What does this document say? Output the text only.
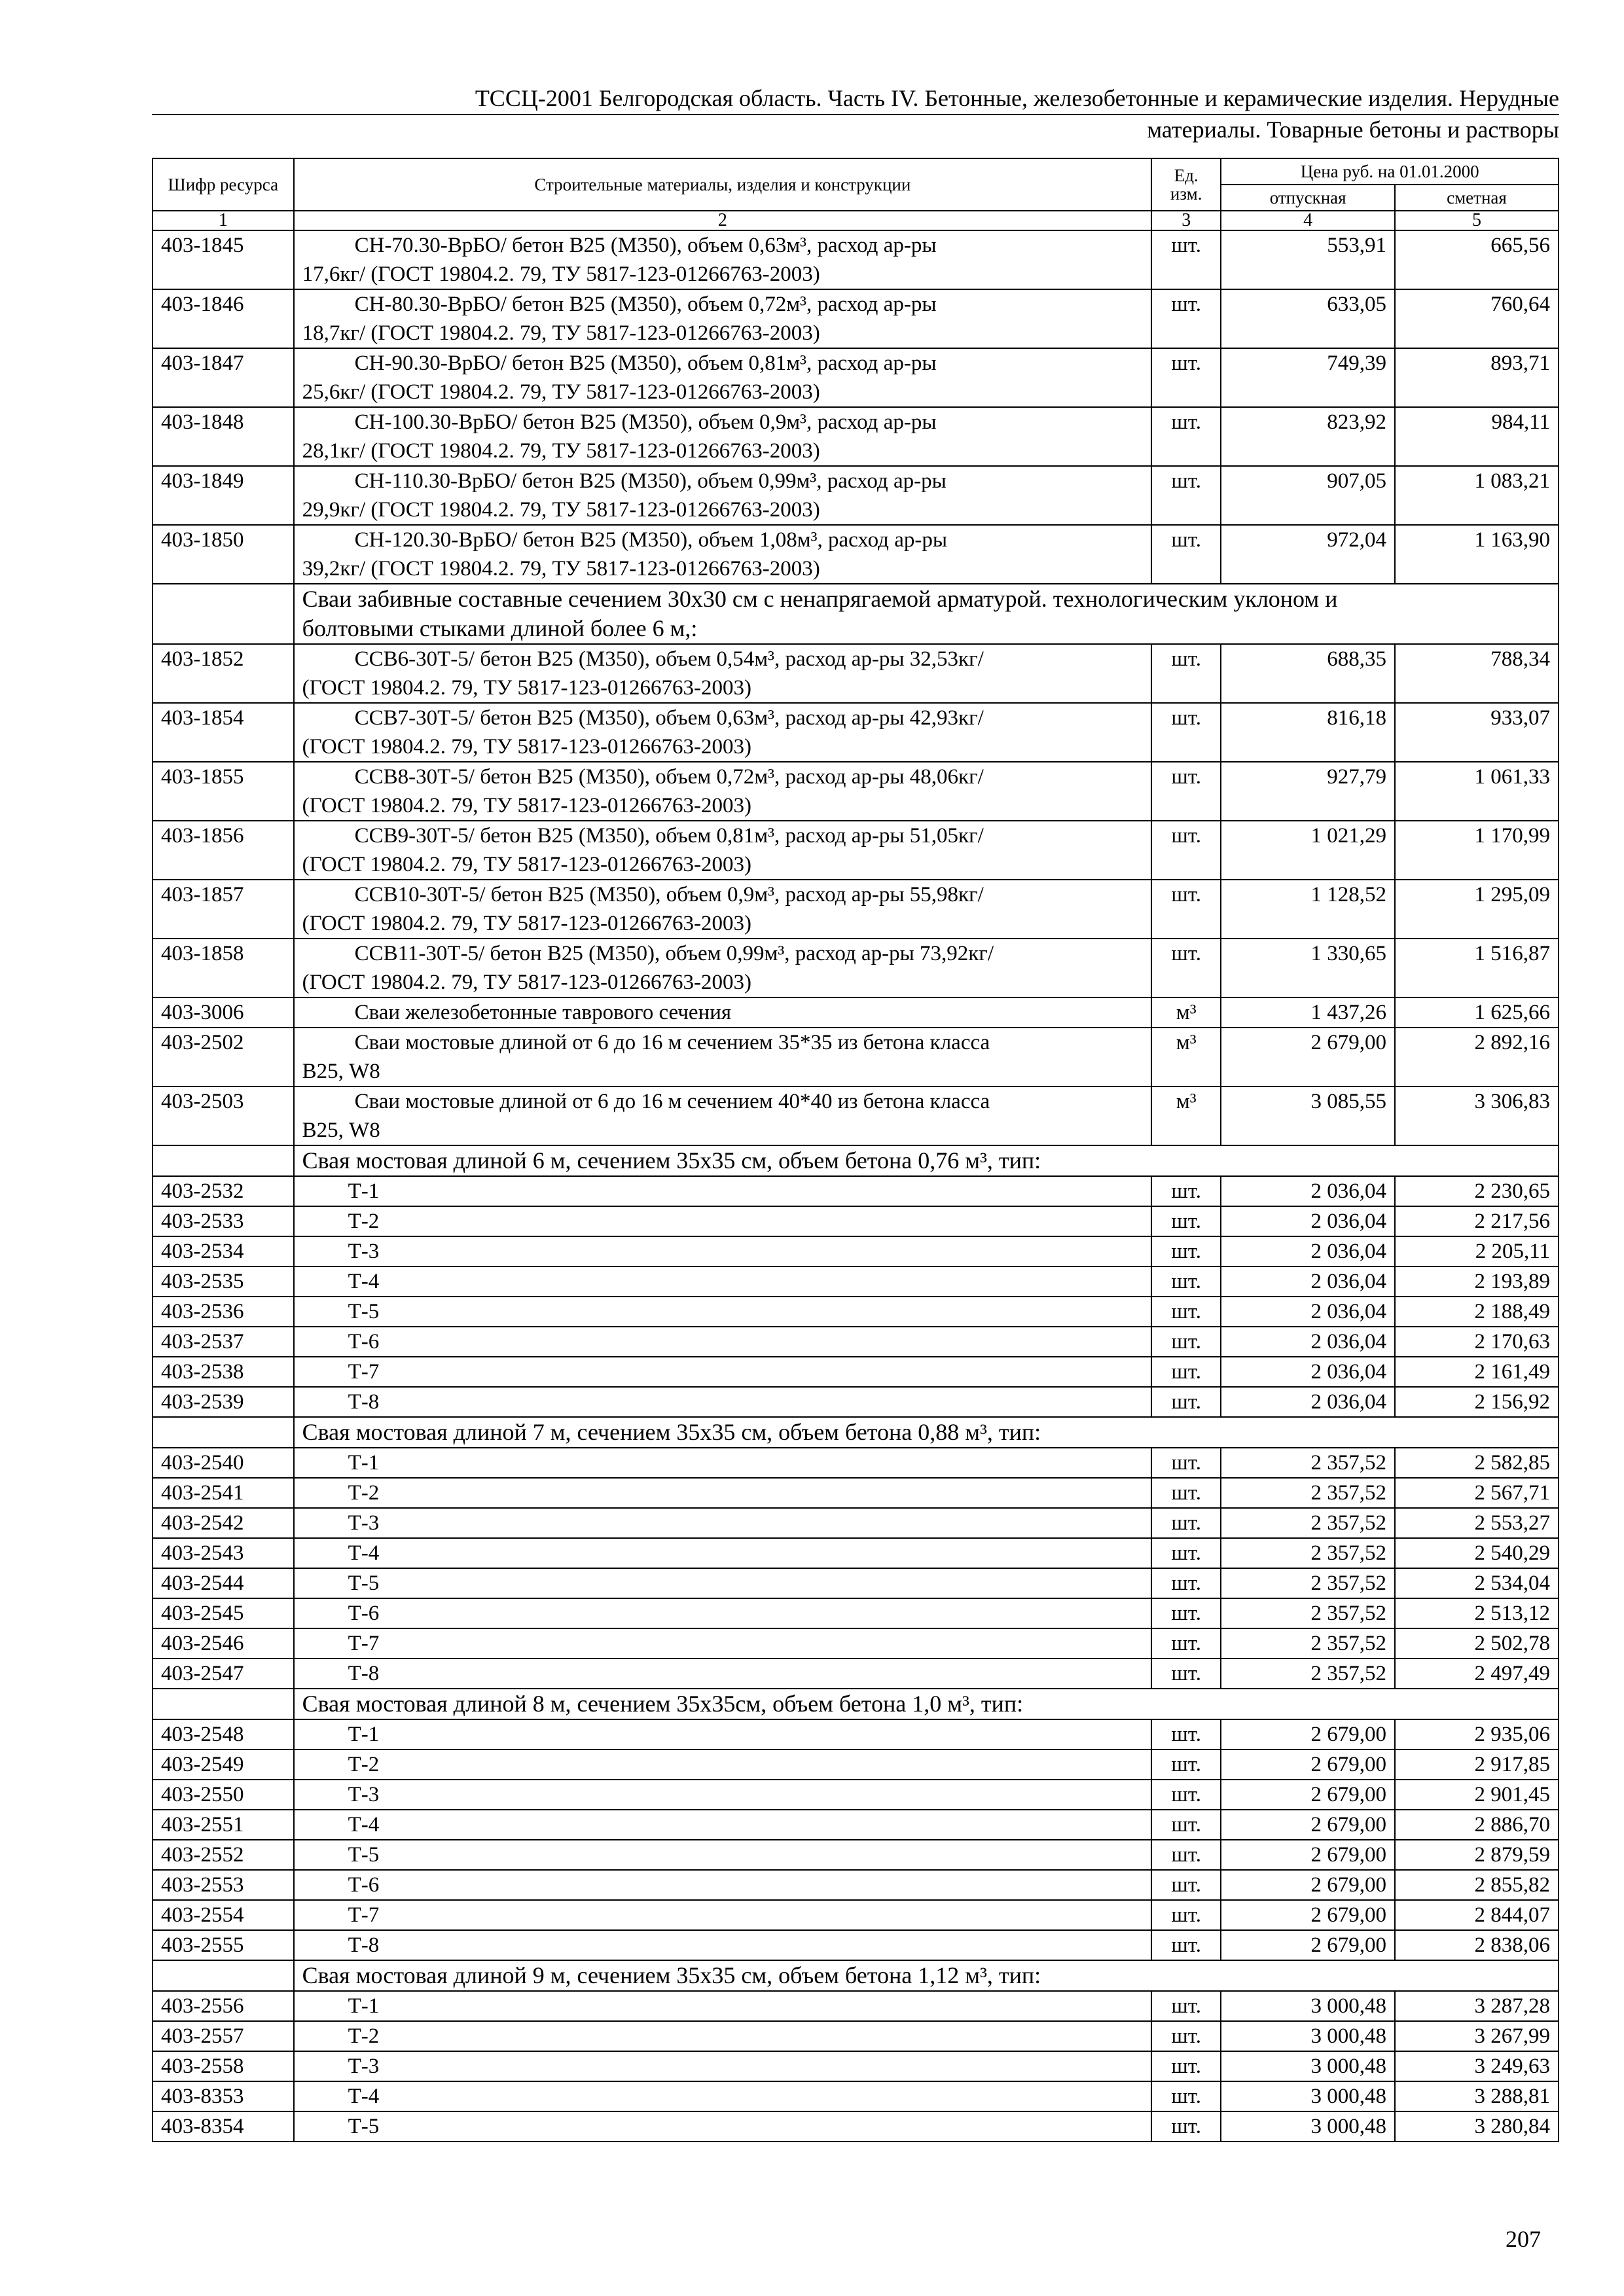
ТССЦ-2001 Белгородская область. Часть IV. Бетонные, железобетонные и керамические изделия. Нерудные
материалы. Товарные бетоны и растворы
Шифр ресурса	Строительные материалы, изделия и конструкции	Ед. изм.	Цена руб. на 01.01.2000	
			отпускная	сметная
1	2	3	4	5
403-1845	СН-70.30-ВрБО/ бетон В25 (М350), объем 0,63м³, расход ар-ры
17,6кг/ (ГОСТ 19804.2. 79, ТУ 5817-123-01266763-2003)	шт.	553,91	665,56
403-1846	СН-80.30-ВрБО/ бетон В25 (М350), объем 0,72м³, расход ар-ры
18,7кг/ (ГОСТ 19804.2. 79, ТУ 5817-123-01266763-2003)	шт.	633,05	760,64
403-1847	СН-90.30-ВрБО/ бетон В25 (М350), объем 0,81м³, расход ар-ры
25,6кг/ (ГОСТ 19804.2. 79, ТУ 5817-123-01266763-2003)	шт.	749,39	893,71
403-1848	СН-100.30-ВрБО/ бетон В25 (М350), объем 0,9м³, расход ар-ры
28,1кг/ (ГОСТ 19804.2. 79, ТУ 5817-123-01266763-2003)	шт.	823,92	984,11
403-1849	СН-110.30-ВрБО/ бетон В25 (М350), объем 0,99м³, расход ар-ры
29,9кг/ (ГОСТ 19804.2. 79, ТУ 5817-123-01266763-2003)	шт.	907,05	1 083,21
403-1850	СН-120.30-ВрБО/ бетон В25 (М350), объем 1,08м³, расход ар-ры
39,2кг/ (ГОСТ 19804.2. 79, ТУ 5817-123-01266763-2003)	шт.	972,04	1 163,90

	Сваи забивные составные сечением 30х30 см с ненапрягаемой арматурой. технологическим уклоном и
болтовыми стыками длиной более 6 м,:			

403-1852	ССВ6-30Т-5/ бетон В25 (М350), объем 0,54м³, расход ар-ры 32,53кг/
(ГОСТ 19804.2. 79, ТУ 5817-123-01266763-2003)	шт.	688,35	788,34
403-1854	ССВ7-30Т-5/ бетон В25 (М350), объем 0,63м³, расход ар-ры 42,93кг/
(ГОСТ 19804.2. 79, ТУ 5817-123-01266763-2003)	шт.	816,18	933,07
403-1855	ССВ8-30Т-5/ бетон В25 (М350), объем 0,72м³, расход ар-ры 48,06кг/
(ГОСТ 19804.2. 79, ТУ 5817-123-01266763-2003)	шт.	927,79	1 061,33
403-1856	ССВ9-30Т-5/ бетон В25 (М350), объем 0,81м³, расход ар-ры 51,05кг/
(ГОСТ 19804.2. 79, ТУ 5817-123-01266763-2003)	шт.	1 021,29	1 170,99
403-1857	ССВ10-30Т-5/ бетон В25 (М350), объем 0,9м³, расход ар-ры 55,98кг/
(ГОСТ 19804.2. 79, ТУ 5817-123-01266763-2003)	шт.	1 128,52	1 295,09
403-1858	ССВ11-30Т-5/ бетон В25 (М350), объем 0,99м³, расход ар-ры 73,92кг/
(ГОСТ 19804.2. 79, ТУ 5817-123-01266763-2003)	шт.	1 330,65	1 516,87
403-3006	Сваи железобетонные таврового сечения	м³	1 437,26	1 625,66
403-2502	Сваи мостовые длиной от 6 до 16 м сечением 35*35 из бетона класса
В25, W8	м³	2 679,00	2 892,16
403-2503	Сваи мостовые длиной от 6 до 16 м сечением 40*40 из бетона класса
В25, W8	м³	3 085,55	3 306,83

	Свая мостовая длиной 6 м, сечением 35х35 см, объем бетона 0,76 м³, тип:			

403-2532	Т-1	шт.	2 036,04	2 230,65
403-2533	Т-2	шт.	2 036,04	2 217,56
403-2534	Т-3	шт.	2 036,04	2 205,11
403-2535	Т-4	шт.	2 036,04	2 193,89
403-2536	Т-5	шт.	2 036,04	2 188,49
403-2537	Т-6	шт.	2 036,04	2 170,63
403-2538	Т-7	шт.	2 036,04	2 161,49
403-2539	Т-8	шт.	2 036,04	2 156,92

	Свая мостовая длиной 7 м, сечением 35х35 см, объем бетона 0,88 м³, тип:			

403-2540	Т-1	шт.	2 357,52	2 582,85
403-2541	Т-2	шт.	2 357,52	2 567,71
403-2542	Т-3	шт.	2 357,52	2 553,27
403-2543	Т-4	шт.	2 357,52	2 540,29
403-2544	Т-5	шт.	2 357,52	2 534,04
403-2545	Т-6	шт.	2 357,52	2 513,12
403-2546	Т-7	шт.	2 357,52	2 502,78
403-2547	Т-8	шт.	2 357,52	2 497,49

	Свая мостовая длиной 8 м, сечением 35х35см, объем бетона 1,0 м³, тип:			

403-2548	Т-1	шт.	2 679,00	2 935,06
403-2549	Т-2	шт.	2 679,00	2 917,85
403-2550	Т-3	шт.	2 679,00	2 901,45
403-2551	Т-4	шт.	2 679,00	2 886,70
403-2552	Т-5	шт.	2 679,00	2 879,59
403-2553	Т-6	шт.	2 679,00	2 855,82
403-2554	Т-7	шт.	2 679,00	2 844,07
403-2555	Т-8	шт.	2 679,00	2 838,06

	Свая мостовая длиной 9 м, сечением 35х35 см, объем бетона 1,12 м³, тип:			

403-2556	Т-1	шт.	3 000,48	3 287,28
403-2557	Т-2	шт.	3 000,48	3 267,99
403-2558	Т-3	шт.	3 000,48	3 249,63
403-8353	Т-4	шт.	3 000,48	3 288,81
403-8354	Т-5	шт.	3 000,48	3 280,84
207
